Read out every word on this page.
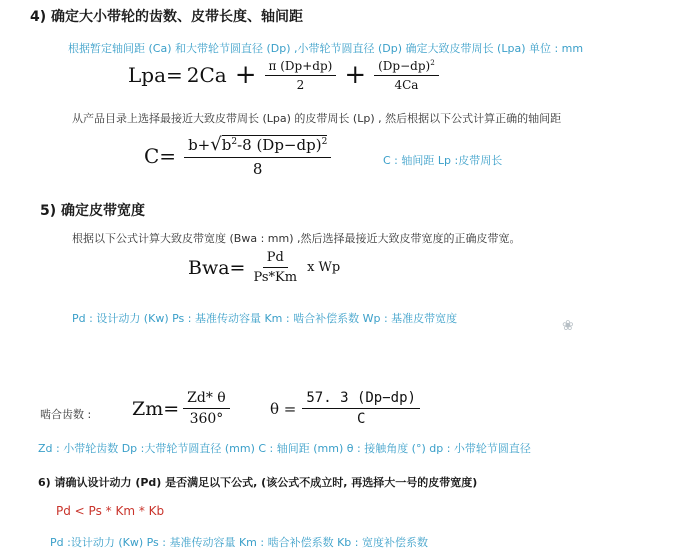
4) 确定大小带轮的齿数、皮带长度、轴间距
根据暂定轴间距 (Ca) 和大带轮节圆直径 (Dp) ,小带轮节圆直径 (Dp) 确定大致皮带周长 (Lpa) 单位 : mm
$Lpa= 2Ca + \frac{\pi (Dp+dp)}{2} + \frac{(Dp-dp)^2}{4Ca}$
从产品目录上选择最接近大致皮带周长 (Lpa) 的皮带周长 (Lp) , 然后根据以下公式计算正确的轴间距
$C= \frac{b+√b^2-8 (Dp-dp)^2}{8}$	C : 轴间距 Lp :皮带周长
5) 确定皮带宽度
根据以下公式计算大致皮带宽度 (Bwa : mm) ,然后选择最接近大致皮带宽度的正确皮带宽。
$Bwa= \frac{Pd}{Ps*Km}$ x Wp
Pd : 设计动力 (Kw) Ps : 基准传动容量 Km : 啮合补偿系数 Wp : 基准皮带宽度	❀
啮合齿数 : $Zm= \frac{Zd* \theta}{360^\circ}$	$\theta = \frac{57. 3 (Dp-dp)}{C}$
Zd : 小带轮齿数 Dp :大带轮节圆直径 (mm) C : 轴间距 (mm) θ : 接触角度 (°) dp : 小带轮节圆直径
6) 请确认设计动力 (Pd) 是否满足以下公式, (该公式不成立时, 再选择大一号的皮带宽度)
Pd < Ps * Km * Kb
Pd :设计动力 (Kw) Ps : 基准传动容量 Km : 啮合补偿系数 Kb : 宽度补偿系数
